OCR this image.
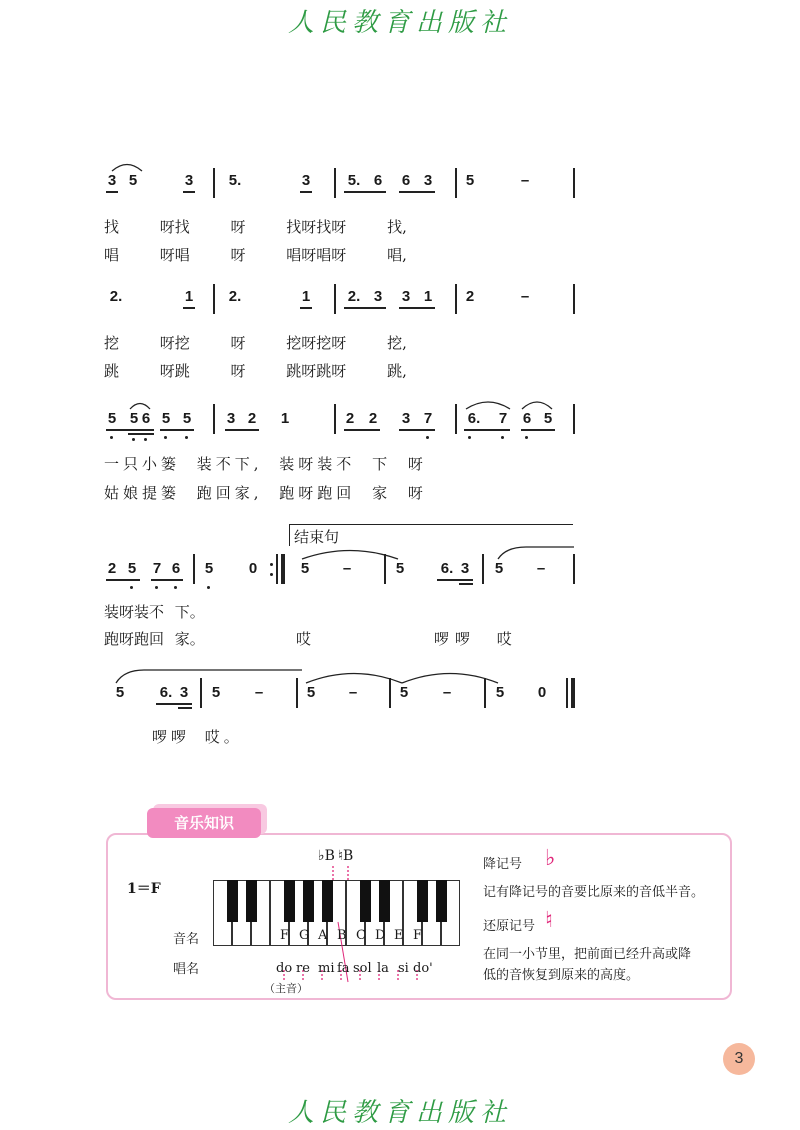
人民教育出版社
人民教育出版社
3 5	3	5.	3	5. 6 6 3 5	–
找 呀找 呀 找呀找呀 找,
唱 呀唱 呀 唱呀唱呀 唱,
2.	1	2.	1	2. 3 3 1 2	–
挖 呀挖 呀 挖呀挖呀 挖,
跳 呀跳 呀 跳呀跳呀 跳,
5 5 6 5 5 3 2 1	2 2 3 7	6.	7 6 5
一只小篓 装不下, 装呀装不 下 呀
姑娘提篓 跑回家, 跑呀跑回 家 呀
结束句
2 5 7 6 5 0	5 –	5	6. 3 5 –
装呀装不 下。
跑呀跑回 家。	哎	啰啰 哎
5	6. 3 5 –	5 –	5 –	5 0
啰啰 哎。
音乐知识
1＝F
♭B ♮B
音名
唱名
F G A B C D E F
do re mi fa sol la si do'
（主音）
降记号 ♭
记有降记号的音要比原来的音低半音。
还原记号 ♮
在同一小节里，把前面已经升高或降
低的音恢复到原来的高度。
3
